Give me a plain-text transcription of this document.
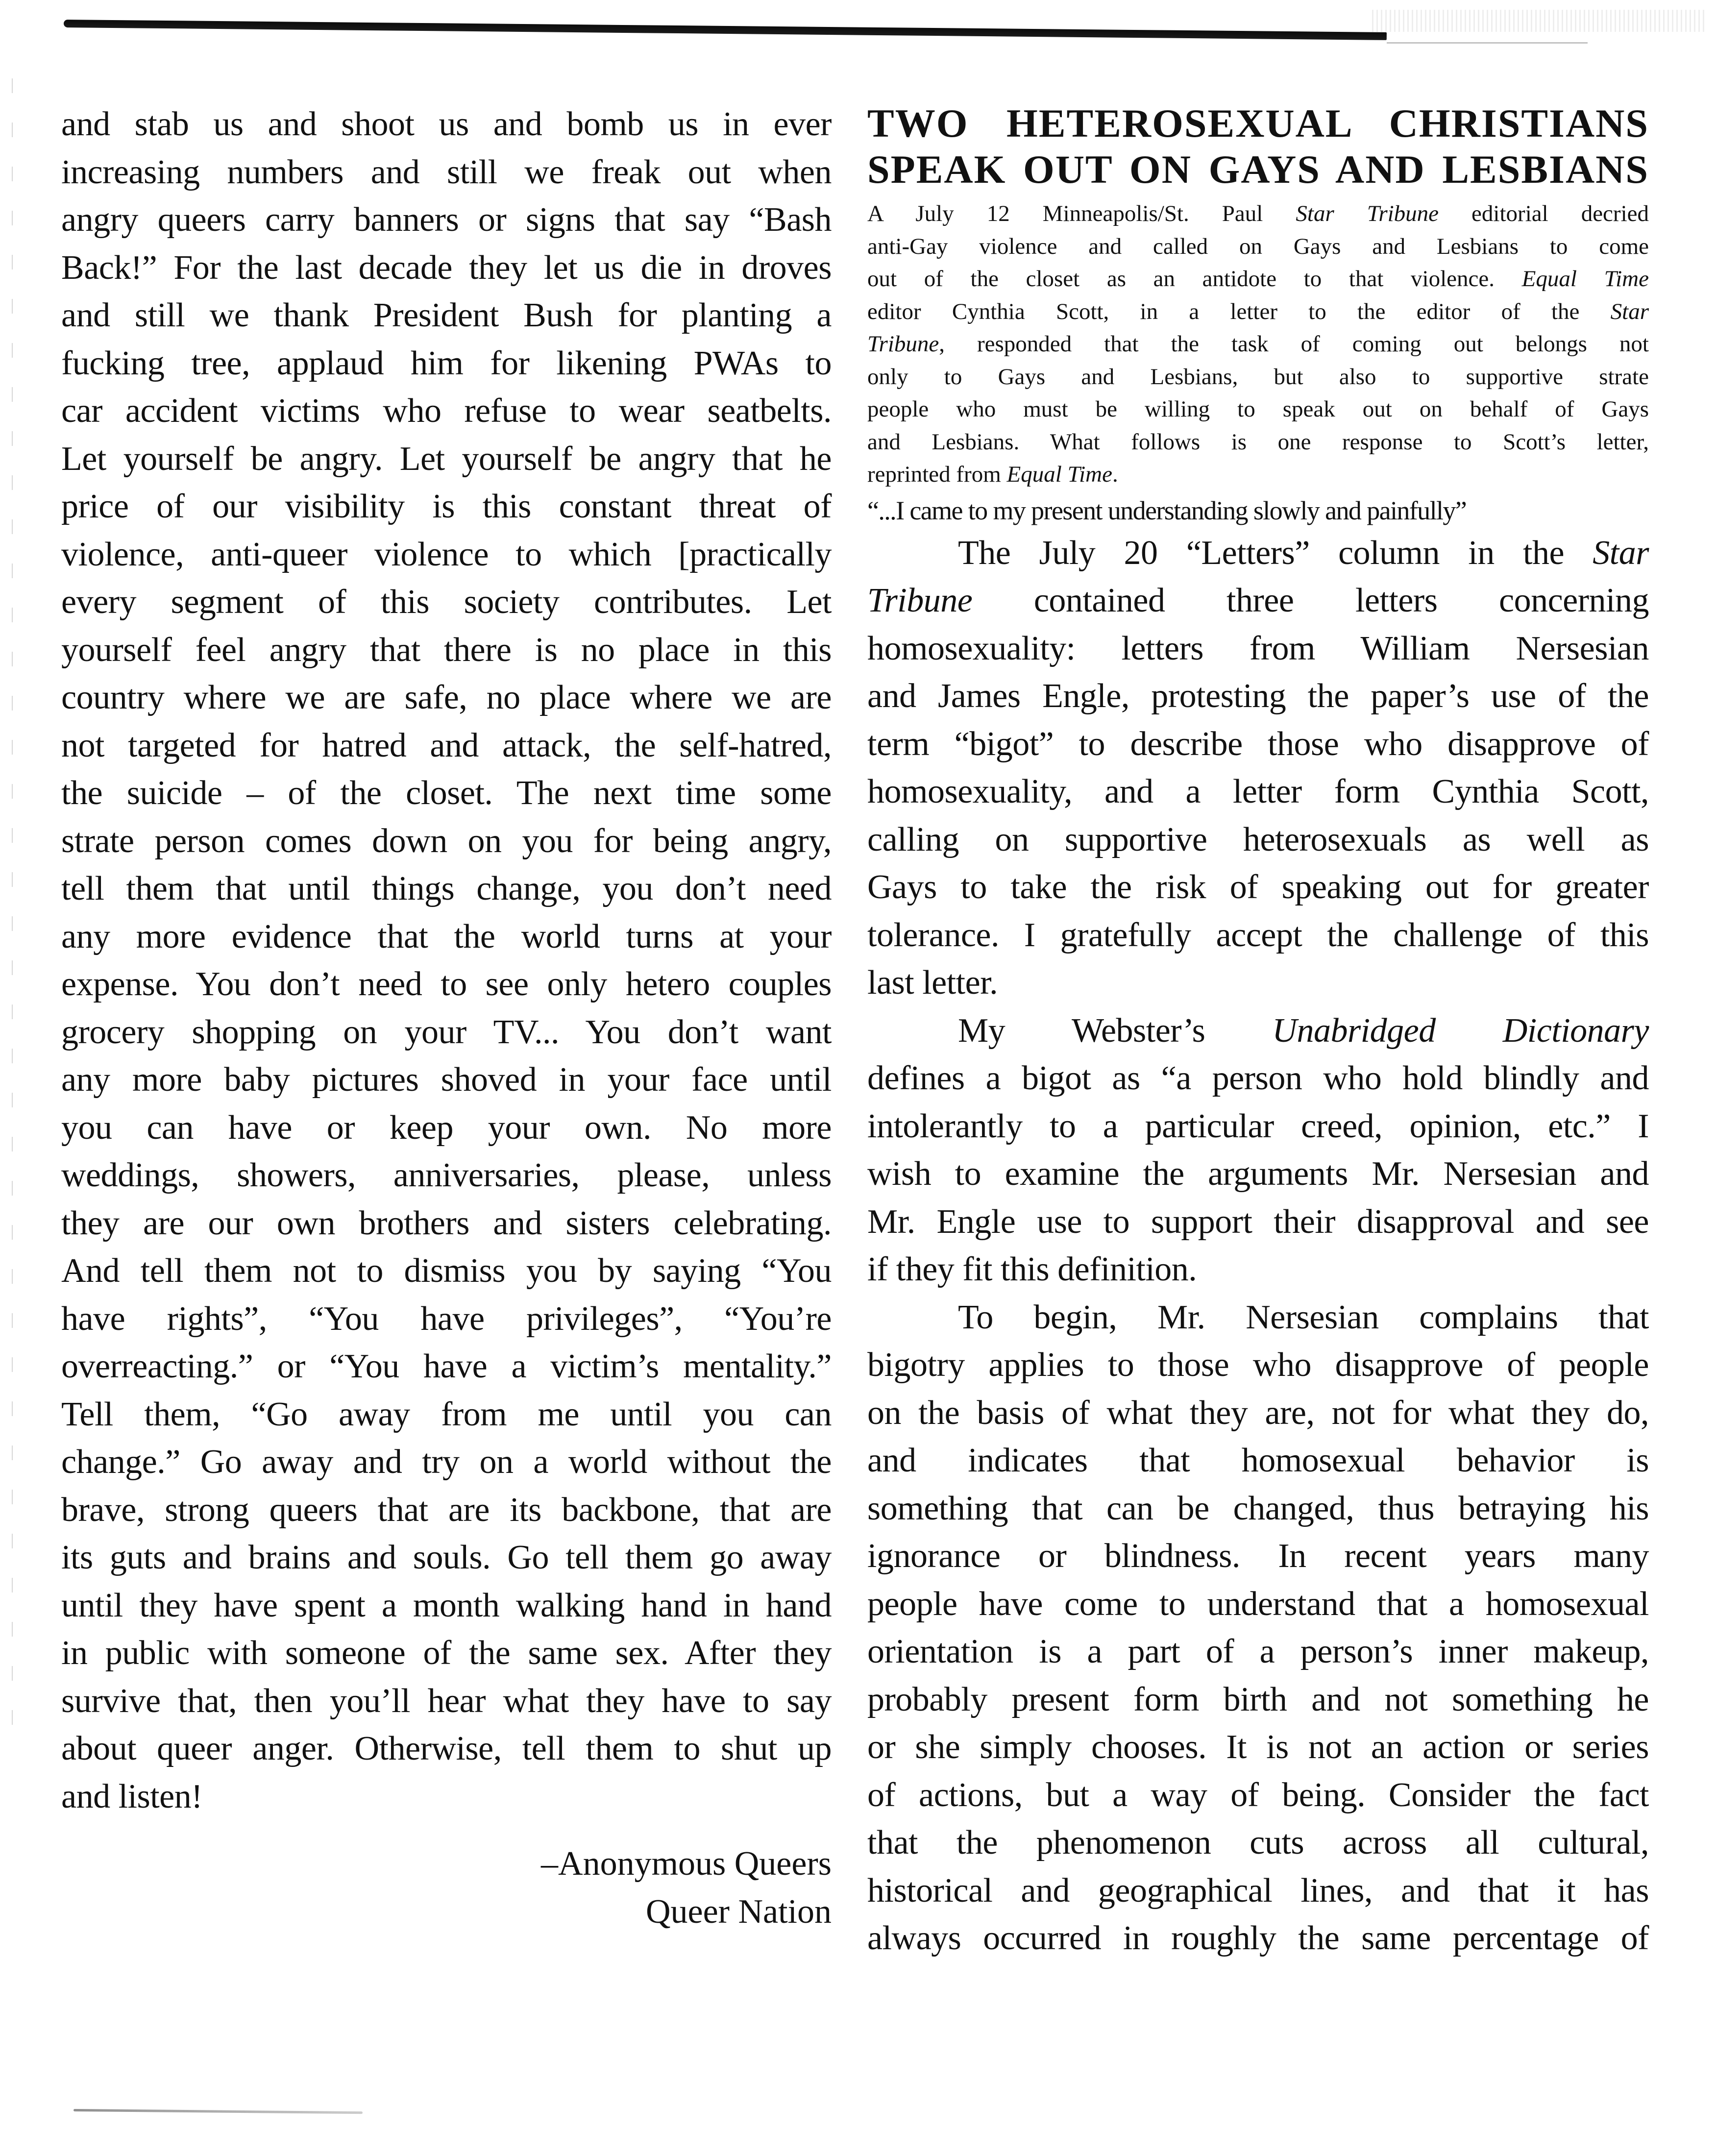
and stab us and shoot us and bomb us in ever
increasing numbers and still we freak out when
angry queers carry banners or signs that say “Bash
Back!” For the last decade they let us die in droves
and still we thank President Bush for planting a
fucking tree, applaud him for likening PWAs to
car accident victims who refuse to wear seatbelts.
Let yourself be angry. Let yourself be angry that he
price of our visibility is this constant threat of
violence, anti-queer violence to which [practically
every segment of this society contributes. Let
yourself feel angry that there is no place in this
country where we are safe, no place where we are
not targeted for hatred and attack, the self-hatred,
the suicide – of the closet. The next time some
strate person comes down on you for being angry,
tell them that until things change, you don’t need
any more evidence that the world turns at your
expense. You don’t need to see only hetero couples
grocery shopping on your TV... You don’t want
any more baby pictures shoved in your face until
you can have or keep your own. No more
weddings, showers, anniversaries, please, unless
they are our own brothers and sisters celebrating.
And tell them not to dismiss you by saying “You
have rights”, “You have privileges”, “You’re
overreacting.” or “You have a victim’s mentality.”
Tell them, “Go away from me until you can
change.” Go away and try on a world without the
brave, strong queers that are its backbone, that are
its guts and brains and souls. Go tell them go away
until they have spent a month walking hand in hand
in public with someone of the same sex. After they
survive that, then you’ll hear what they have to say
about queer anger. Otherwise, tell them to shut up
and listen!
–Anonymous Queers
Queer Nation
TWO HETEROSEXUAL CHRISTIANS
SPEAK OUT ON GAYS AND LESBIANS
A July 12 Minneapolis/St. Paul Star Tribune editorial decried
anti-Gay violence and called on Gays and Lesbians to come
out of the closet as an antidote to that violence. Equal Time
editor Cynthia Scott, in a letter to the editor of the Star
Tribune, responded that the task of coming out belongs not
only to Gays and Lesbians, but also to supportive strate
people who must be willing to speak out on behalf of Gays
and Lesbians. What follows is one response to Scott’s letter,
reprinted from Equal Time.
“...I came to my present understanding slowly and painfully”
The July 20 “Letters” column in the Star
Tribune contained three letters concerning
homosexuality: letters from William Nersesian
and James Engle, protesting the paper’s use of the
term “bigot” to describe those who disapprove of
homosexuality, and a letter form Cynthia Scott,
calling on supportive heterosexuals as well as
Gays to take the risk of speaking out for greater
tolerance. I gratefully accept the challenge of this
last letter.
My Webster’s Unabridged Dictionary
defines a bigot as “a person who hold blindly and
intolerantly to a particular creed, opinion, etc.” I
wish to examine the arguments Mr. Nersesian and
Mr. Engle use to support their disapproval and see
if they fit this definition.
To begin, Mr. Nersesian complains that
bigotry applies to those who disapprove of people
on the basis of what they are, not for what they do,
and indicates that homosexual behavior is
something that can be changed, thus betraying his
ignorance or blindness. In recent years many
people have come to understand that a homosexual
orientation is a part of a person’s inner makeup,
probably present form birth and not something he
or she simply chooses. It is not an action or series
of actions, but a way of being. Consider the fact
that the phenomenon cuts across all cultural,
historical and geographical lines, and that it has
always occurred in roughly the same percentage of
